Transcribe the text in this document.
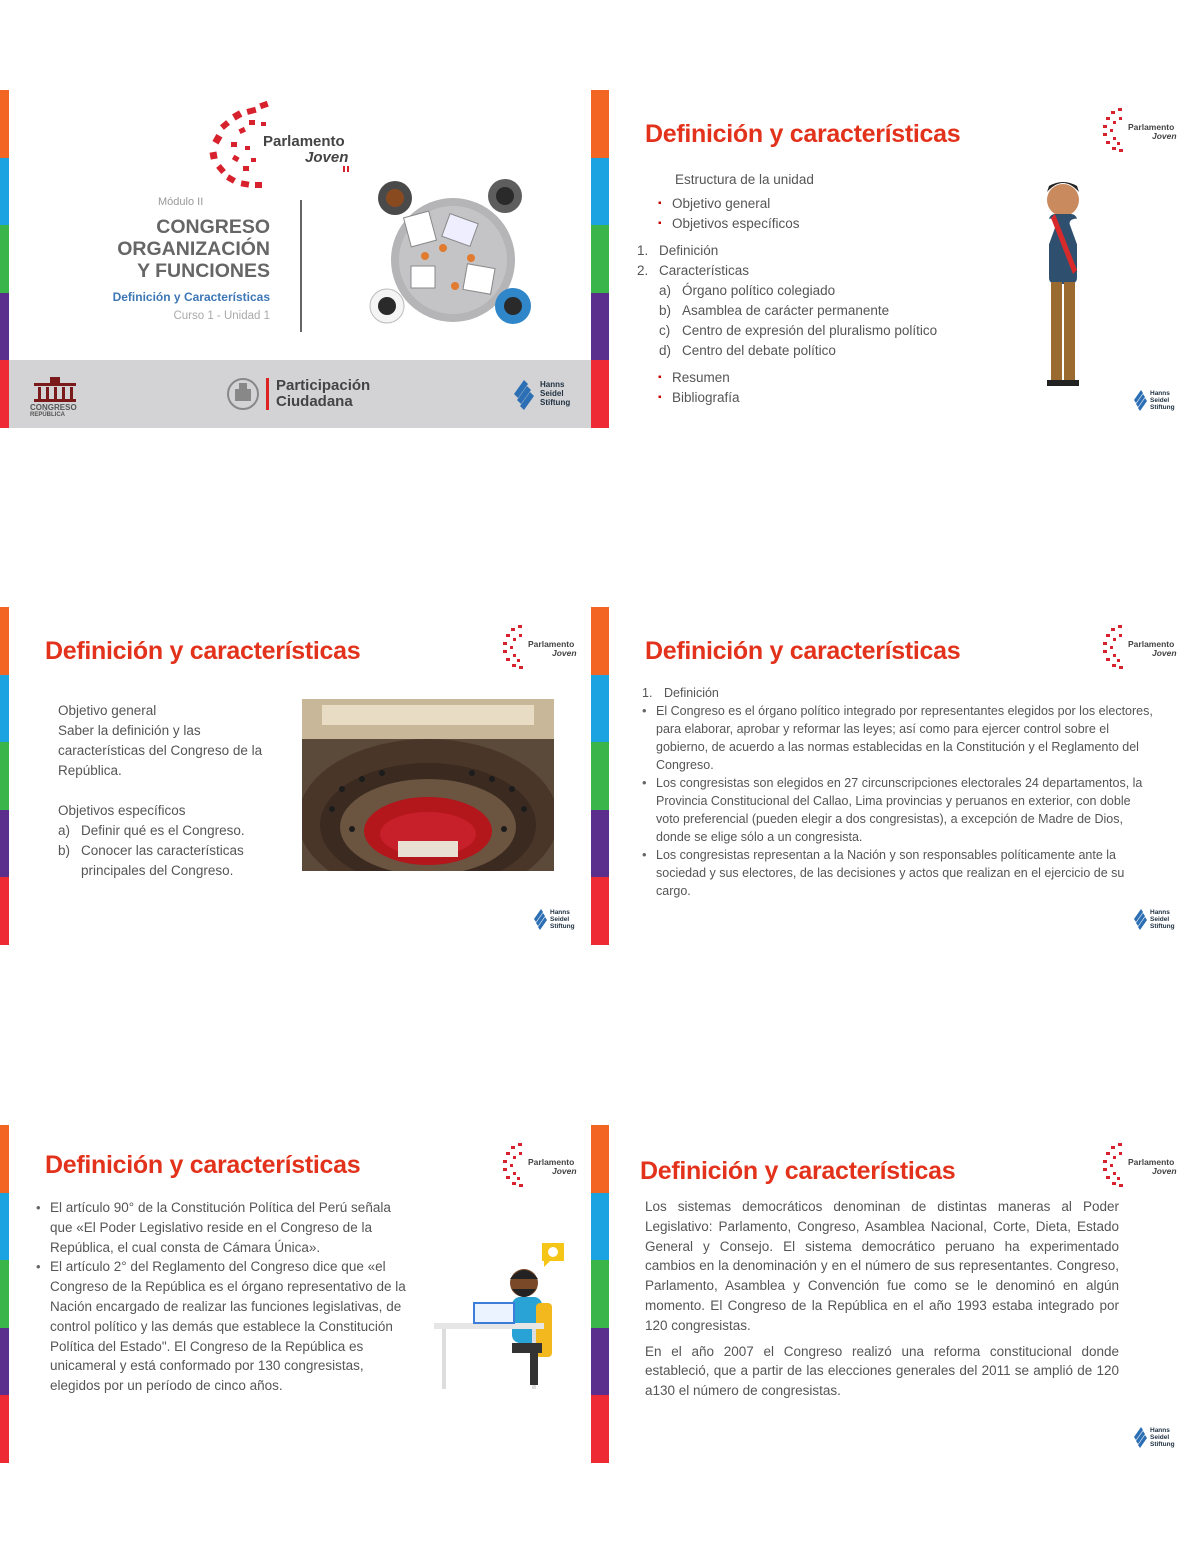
Parlamento
Joven
Módulo II
CONGRESO
ORGANIZACIÓN
Y FUNCIONES
Definición y Características
Curso 1 - Unidad 1
CONGRESO
REPÚBLICA
Participación
Ciudadana
Hanns
Seidel
Stiftung
Definición y características	Parlamento
Joven
Estructura de la unidad
▪ Objetivo general
▪ Objetivos específicos
1. Definición
2. Características
a) Órgano político colegiado
b) Asamblea de carácter permanente
c) Centro de expresión del pluralismo político
d) Centro del debate político
▪ Resumen
▪ Bibliografía	Hanns
Seidel
Stiftung
Definición y características	Parlamento
Joven
Objetivo general
Saber la definición y las características del Congreso de la República.
Objetivos específicos
a) Definir qué es el Congreso.
b) Conocer las características principales del Congreso.
Hanns
Seidel
Stiftung
Definición y características	Parlamento
Joven
1. Definición
• El Congreso es el órgano político integrado por representantes elegidos por los electores, para elaborar, aprobar y reformar las leyes; así como para ejercer control sobre el gobierno, de acuerdo a las normas establecidas en la Constitución y el Reglamento del Congreso.
• Los congresistas son elegidos en 27 circunscripciones electorales 24 departamentos, la Provincia Constitucional del Callao, Lima provincias y peruanos en exterior, con doble voto preferencial (pueden elegir a dos congresistas), a excepción de Madre de Dios, donde se elige sólo a un congresista.
• Los congresistas representan a la Nación y son responsables políticamente ante la sociedad y sus electores, de las decisiones y actos que realizan en el ejercicio de su cargo.
Hanns
Seidel
Stiftung
Definición y características	Parlamento
Joven
• El artículo 90° de la Constitución Política del Perú señala que «El Poder Legislativo reside en el Congreso de la República, el cual consta de Cámara Única».
• El artículo 2° del Reglamento del Congreso dice que «el Congreso de la República es el órgano representativo de la Nación encargado de realizar las funciones legislativas, de control político y las demás que establece la Constitución Política del Estado". El Congreso de la República es unicameral y está conformado por 130 congresistas, elegidos por un período de cinco años.
Definición y características	Parlamento
Joven

Los sistemas democráticos denominan de distintas maneras al Poder Legislativo: Parlamento, Congreso, Asamblea Nacional, Corte, Dieta, Estado General y Consejo. El sistema democrático peruano ha experimentado cambios en la denominación y en el número de sus representantes. Congreso, Parlamento, Asamblea y Convención fue como se le denominó en algún momento. El Congreso de la República en el año 1993 estaba integrado por 120 congresistas.

En el año 2007 el Congreso realizó una reforma constitucional donde estableció, que a partir de las elecciones generales del 2011 se amplió de 120 a130 el número de congresistas.

Hanns
Seidel
Stiftung
